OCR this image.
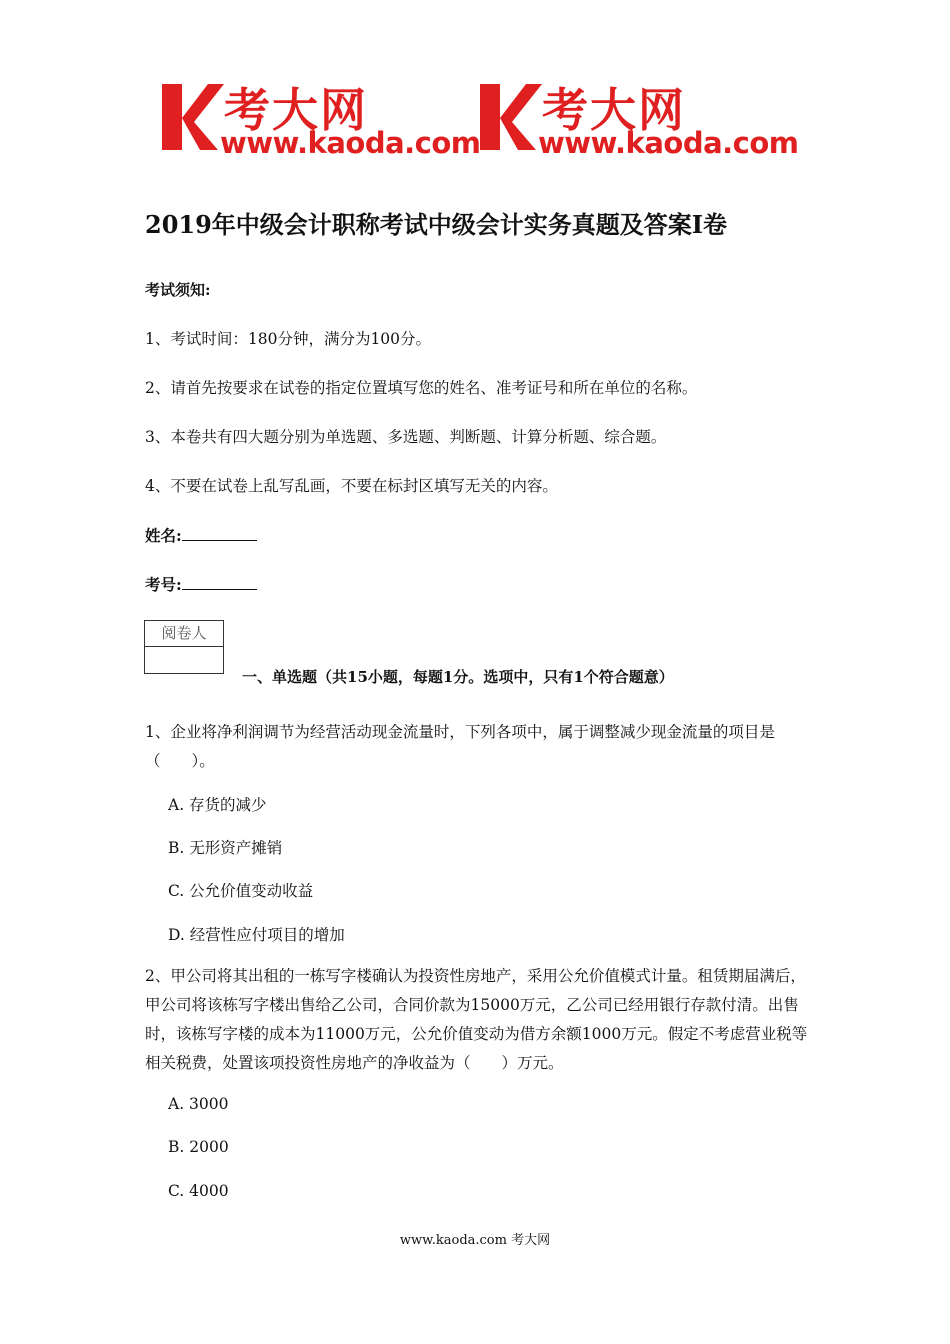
考大网
www.kaoda.com
考大网
www.kaoda.com
2019年中级会计职称考试中级会计实务真题及答案I卷
考试须知:
1、考试时间：180分钟，满分为100分。
2、请首先按要求在试卷的指定位置填写您的姓名、准考证号和所在单位的名称。
3、本卷共有四大题分别为单选题、多选题、判断题、计算分析题、综合题。
4、不要在试卷上乱写乱画，不要在标封区填写无关的内容。
姓名:
考号:
阅卷人
一、单选题（共15小题，每题1分。选项中，只有1个符合题意）
1、企业将净利润调节为经营活动现金流量时，下列各项中，属于调整减少现金流量的项目是（　　）。
A. 存货的减少
B. 无形资产摊销
C. 公允价值变动收益
D. 经营性应付项目的增加
2、甲公司将其出租的一栋写字楼确认为投资性房地产，采用公允价值模式计量。租赁期届满后，甲公司将该栋写字楼出售给乙公司，合同价款为15000万元，乙公司已经用银行存款付清。出售时，该栋写字楼的成本为11000万元，公允价值变动为借方余额1000万元。假定不考虑营业税等相关税费，处置该项投资性房地产的净收益为（　　）万元。
A. 3000
B. 2000
C. 4000
www.kaoda.com 考大网
